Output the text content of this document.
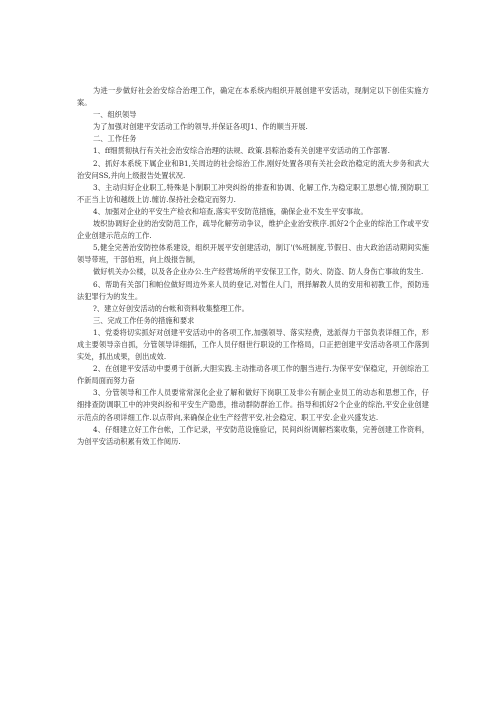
为进一步做好社会治安综合治理工作，确定在本系统内组织开展创建平安活动，现制定以下创佳实施方案。

一、组织领导

为了加强对创建平安活动工作的领导,并保证各项J1、作的顺当开展.

二、工作任务

1、ff细贯彻执行有关社会治安综合治理的法规、政策.县粽治委有关创建平安活动的工作部署.

2、抓好本系统下属企业和B1,关周边的社会综治工作,刚好处置各项有关社会政治稳定的流大步务和武大治安问SS,并向上级报告处置状况.

3、主动归好企业职工,特殊是卜制职工冲突纠纷的排查和协调、化解工作,为稳定职工思想心情,预防职工不正当上访和越级上访.缠访.保持社会稳定而努力.

4、加强对企业的平安生产检衣和培查,落实平安防范措施，确保企业不发生平安事故。

坡织协调好企业的治安防范工作，疏导化解劳动争议，维护企业治安秩序.抓好2个企业的综治工作或平安企业创建示范点的工作.

5,健全完善治安防控体系建设，组织开展平安创建活动，制订'(%班制度,节假日、由大政治活动期间实施领导带班，干部伯班，向上级报告制，

做好机关办公楼，以及各企业办公.生产经营场所的平安保卫工作，防火、防盗、防人身伤亡事故的发生.

6、帮助有关部门和帕位做好周边外来人员的登记,对暂住人门，刑择解教人员的安用和初教工作，预防违法犯罪行为的发生。

?、建立好创安活动的台帐和资料收集整理工作。

三、完成工作任务的措施和要求

1、党委将切实抓好对创建平安活动中的各项工作,加强领导、落实羟费，选派得力干部负表详细工作，形成主要领导亲自抓，分管领导详细抓，工作人员仔细世行职设的工作格局，口正把创建平安活动各项工作落到实处，抓出成果，创出成效.

2、在创建平安活动中要勇于创新,大胆实践.主动推动各项工作的胭当进行.为保平安'保稳定，开创综治工作新局面而努力奋

3、分管领导和工作人员要常常深化企业了解和做好下岗职工及非公有制企业员工的动态和思想工作，仔细排查防调职工中的冲突纠纷和平安生产隐患，推动群防群治工作。指导和抓好2个企业的综治,平安企业创建示范点的各项详细工作.以点带向,来确保企业生产经营平安,社会稳定、职工平安.企业兴盛发达.

4、仔细建立好工作台帐，工作记录，平安防范设施验记，民间纠纷调解档案收集，完善创建工作资料，为创平安活动积累有效工作阅历.
